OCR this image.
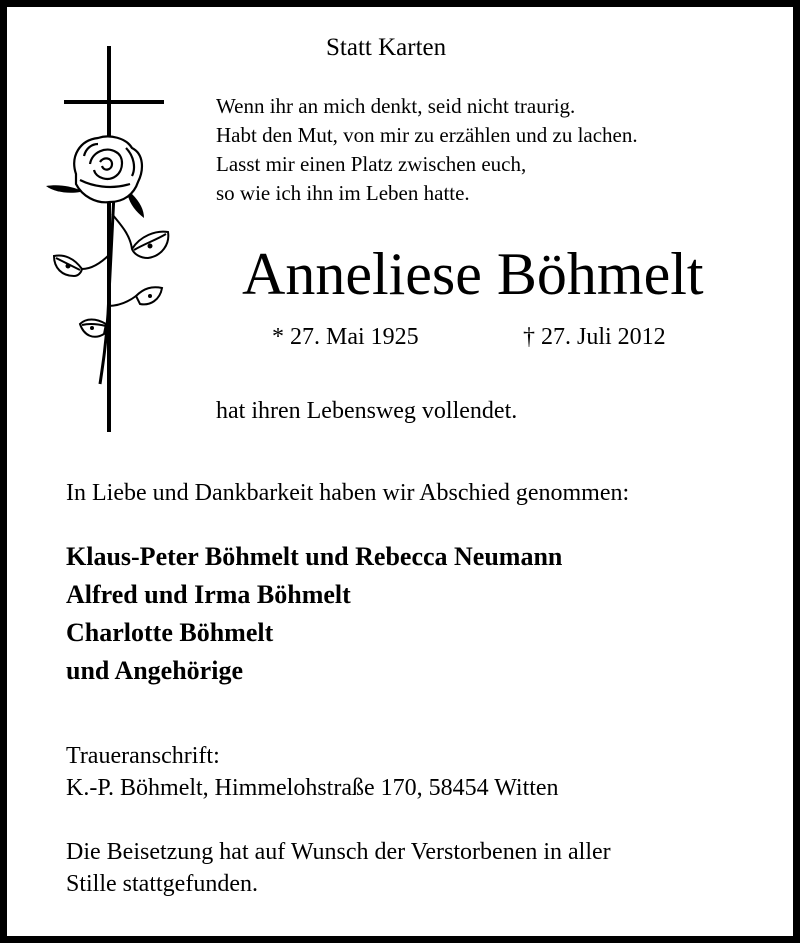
Statt Karten
Wenn ihr an mich denkt, seid nicht traurig.
Habt den Mut, von mir zu erzählen und zu lachen.
Lasst mir einen Platz zwischen euch,
so wie ich ihn im Leben hatte.
Anneliese Böhmelt
* 27. Mai 1925	† 27. Juli 2012
hat ihren Lebensweg vollendet.
In Liebe und Dankbarkeit haben wir Abschied genommen:
Klaus-Peter Böhmelt und Rebecca Neumann
Alfred und Irma Böhmelt
Charlotte Böhmelt
und Angehörige
Traueranschrift:
K.-P. Böhmelt, Himmelohstraße 170, 58454 Witten
Die Beisetzung hat auf Wunsch der Verstorbenen in aller
Stille stattgefunden.
